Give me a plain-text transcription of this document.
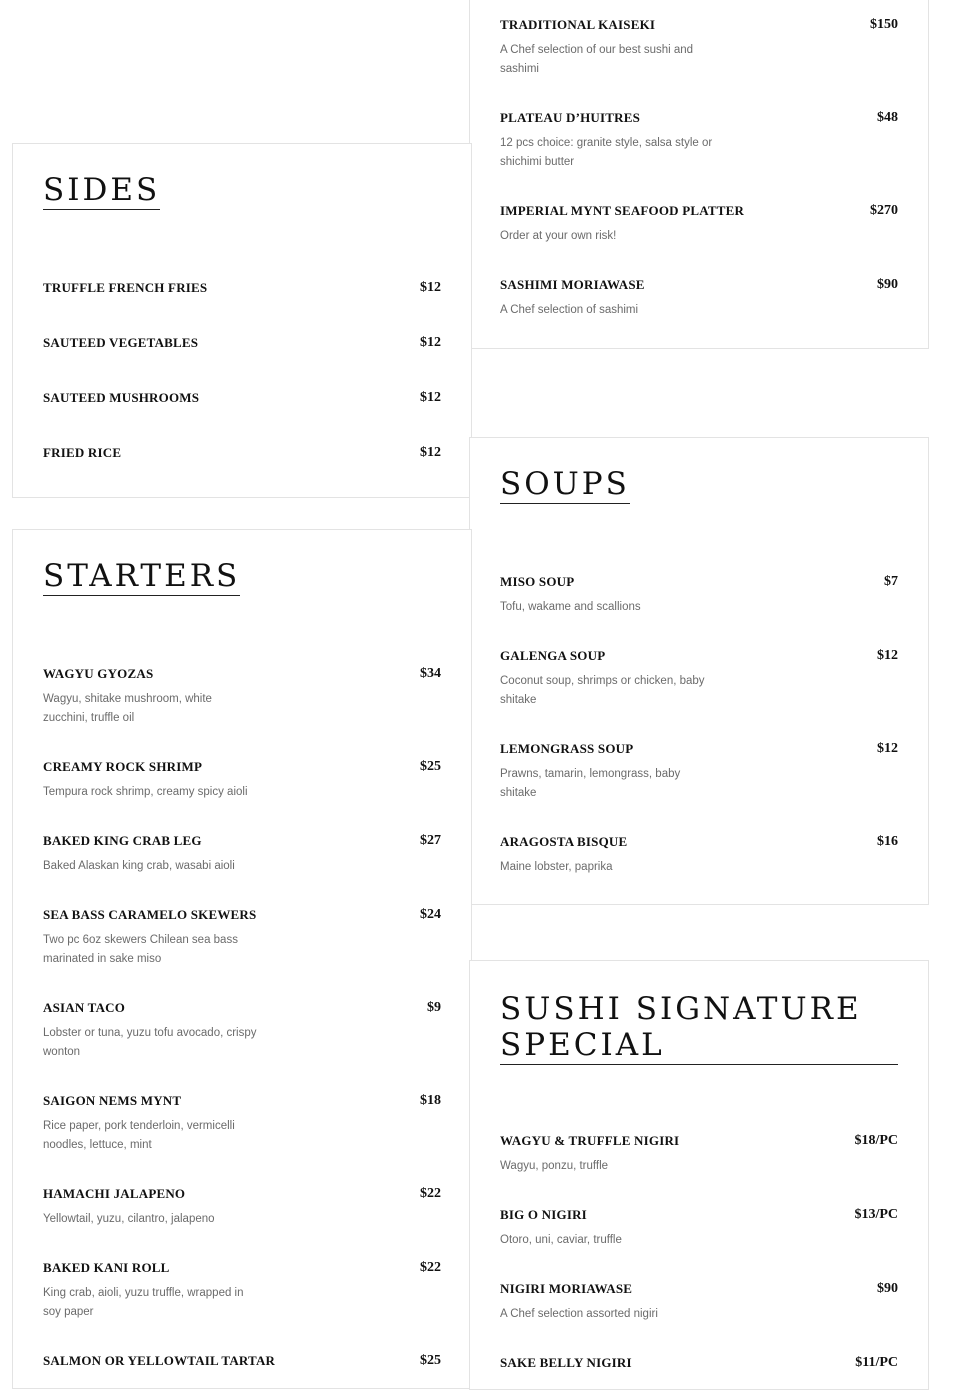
TRADITIONAL KAISEKI	$150
A Chef selection of our best sushi and sashimi
PLATEAU D’HUITRES	$48
12 pcs choice: granite style, salsa style or shichimi butter
IMPERIAL MYNT SEAFOOD PLATTER	$270
Order at your own risk!
SASHIMI MORIAWASE	$90
A Chef selection of sashimi
SIDES
TRUFFLE FRENCH FRIES	$12
SAUTEED VEGETABLES	$12
SAUTEED MUSHROOMS	$12
FRIED RICE	$12
SOUPS
MISO SOUP	$7
Tofu, wakame and scallions
GALENGA SOUP	$12
Coconut soup, shrimps or chicken, baby shitake
LEMONGRASS SOUP	$12
Prawns, tamarin, lemongrass, baby shitake
ARAGOSTA BISQUE	$16
Maine lobster, paprika
STARTERS
WAGYU GYOZAS	$34
Wagyu, shitake mushroom, white zucchini, truffle oil
CREAMY ROCK SHRIMP	$25
Tempura rock shrimp, creamy spicy aioli
BAKED KING CRAB LEG	$27
Baked Alaskan king crab, wasabi aioli
SEA BASS CARAMELO SKEWERS	$24
Two pc 6oz skewers Chilean sea bass marinated in sake miso
ASIAN TACO	$9
Lobster or tuna, yuzu tofu avocado, crispy wonton
SAIGON NEMS MYNT	$18
Rice paper, pork tenderloin, vermicelli noodles, lettuce, mint
HAMACHI JALAPENO	$22
Yellowtail, yuzu, cilantro, jalapeno
BAKED KANI ROLL	$22
King crab, aioli, yuzu truffle, wrapped in soy paper
SALMON OR YELLOWTAIL TARTAR	$25
SUSHI SIGNATURE
SPECIAL
WAGYU & TRUFFLE NIGIRI	$18/PC
Wagyu, ponzu, truffle
BIG O NIGIRI	$13/PC
Otoro, uni, caviar, truffle
NIGIRI MORIAWASE	$90
A Chef selection assorted nigiri
SAKE BELLY NIGIRI	$11/PC
